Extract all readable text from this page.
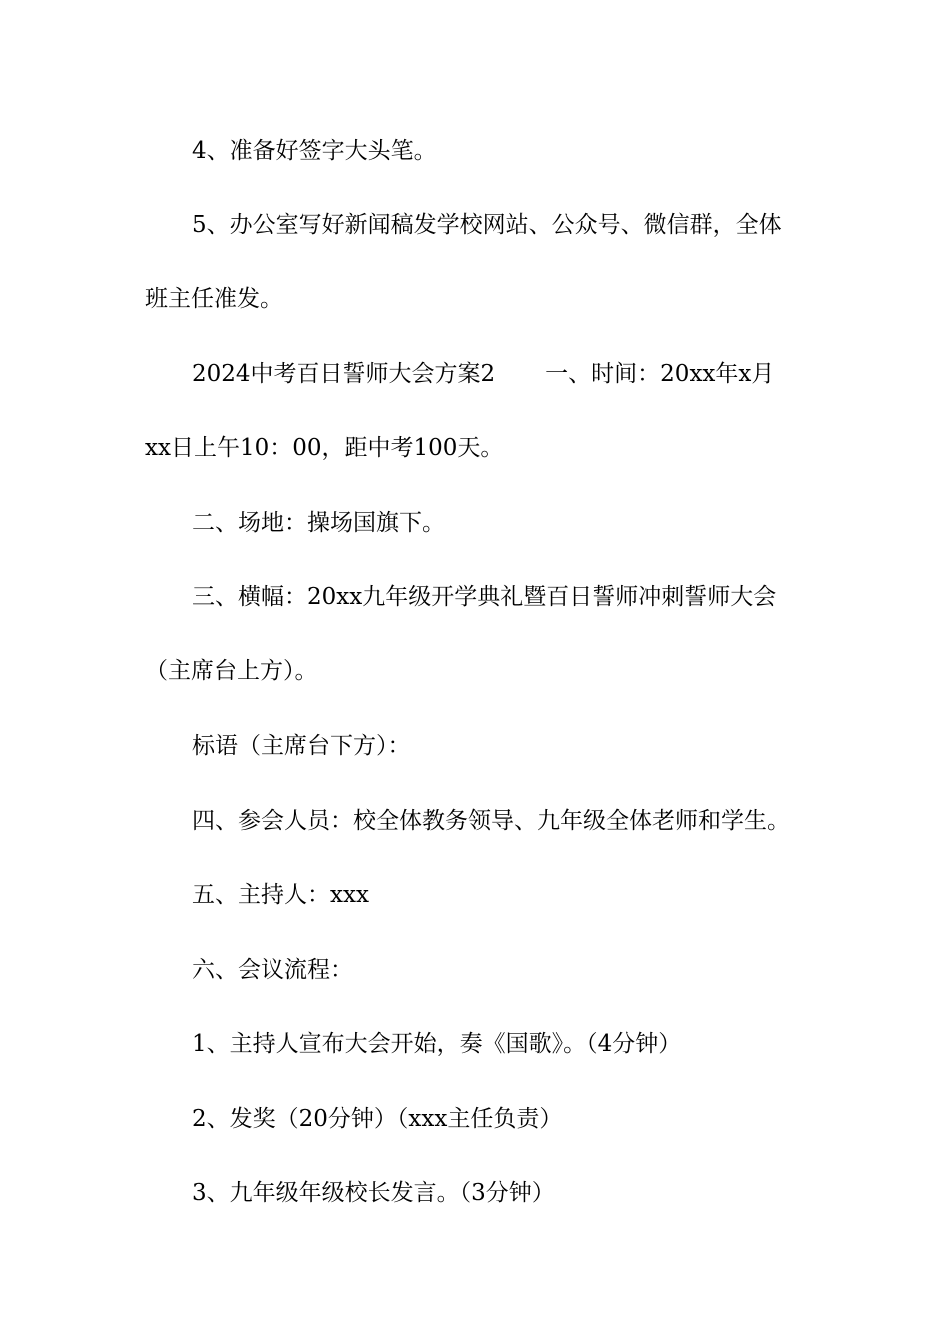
4、准备好签字大头笔。
5、办公室写好新闻稿发学校网站、公众号、微信群，全体
班主任准发。
2024中考百日誓师大会方案2 一、时间：20xx年x月
xx日上午10：00，距中考100天。
二、场地：操场国旗下。
三、横幅：20xx九年级开学典礼暨百日誓师冲刺誓师大会
（主席台上方）。
标语（主席台下方）：
四、参会人员：校全体教务领导、九年级全体老师和学生。
五、主持人：xxx
六、会议流程：
1、主持人宣布大会开始，奏《国歌》。（4分钟）
2、发奖（20分钟）（xxx主任负责）
3、九年级年级校长发言。（3分钟）
